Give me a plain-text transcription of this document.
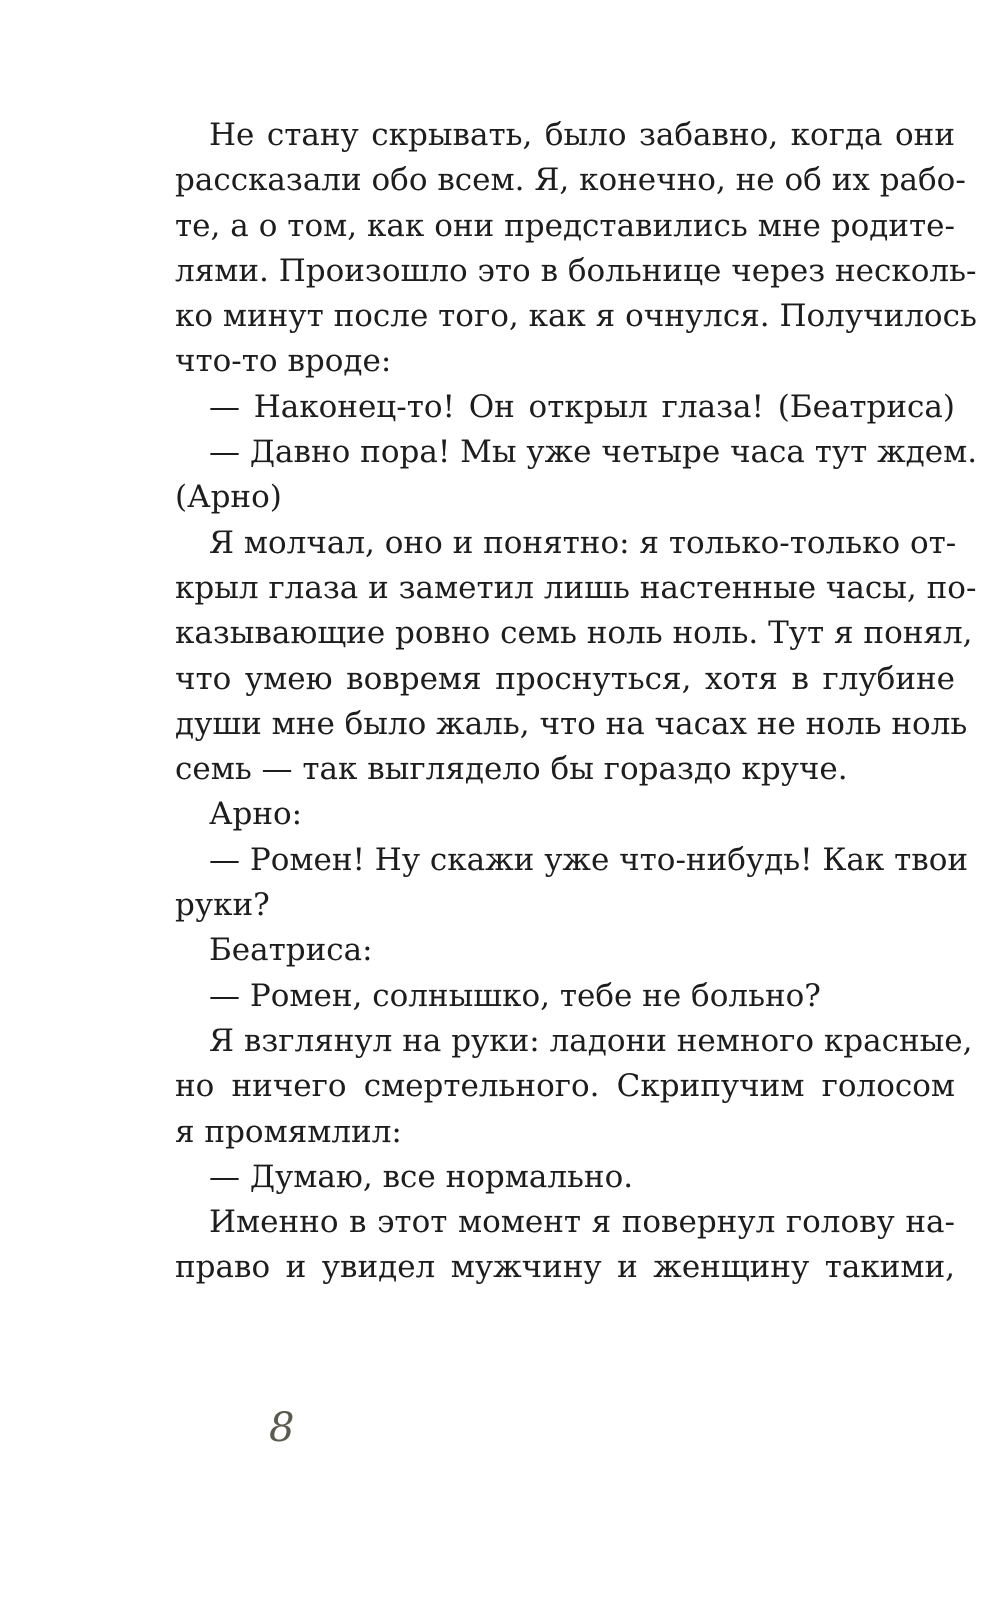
Не стану скрывать, было забавно, когда они
рассказали обо всем. Я, конечно, не об их рабо-
те, а о том, как они представились мне родите-
лями. Произошло это в больнице через несколь-
ко минут после того, как я очнулся. Получилось
что-то вроде:
— Наконец-то! Он открыл глаза! (Беатриса)
— Давно пора! Мы уже четыре часа тут ждем.
(Арно)
Я молчал, оно и понятно: я только-только от-
крыл глаза и заметил лишь настенные часы, по-
казывающие ровно семь ноль ноль. Тут я понял,
что умею вовремя проснуться, хотя в глубине
души мне было жаль, что на часах не ноль ноль
семь — так выглядело бы гораздо круче.
Арно:
— Ромен! Ну скажи уже что-нибудь! Как твои
руки?
Беатриса:
— Ромен, солнышко, тебе не больно?
Я взглянул на руки: ладони немного красные,
но ничего смертельного. Скрипучим голосом
я промямлил:
— Думаю, все нормально.
Именно в этот момент я повернул голову на-
право и увидел мужчину и женщину такими,
8
